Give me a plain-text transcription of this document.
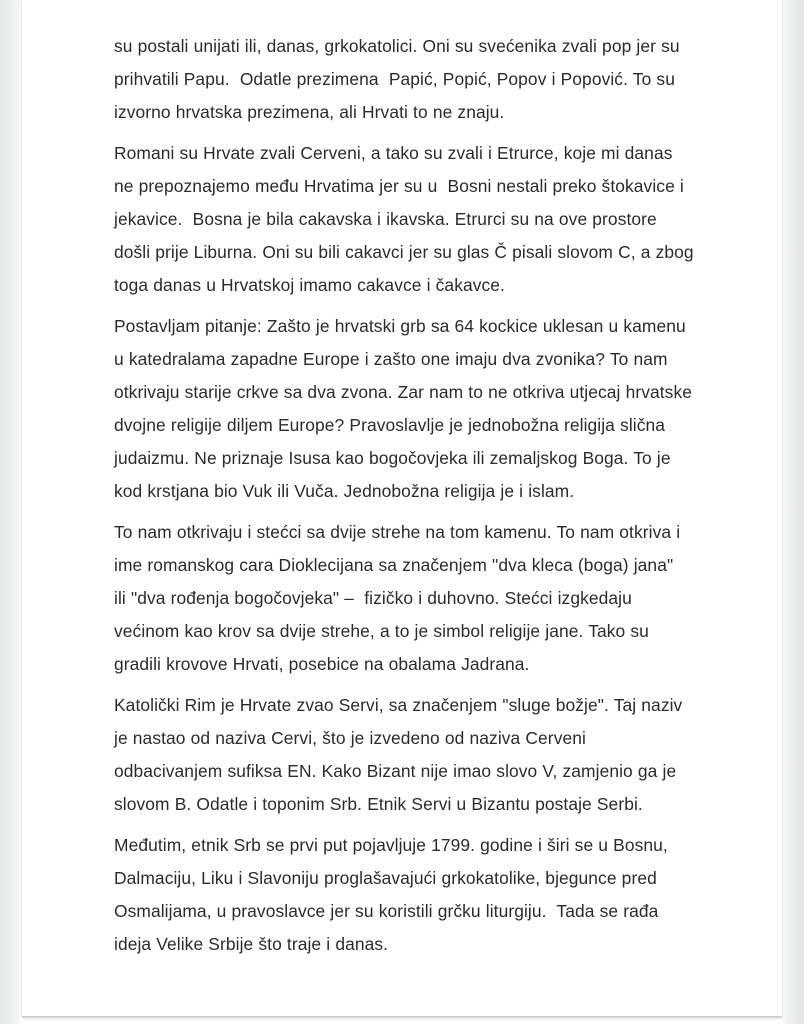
su postali unijati ili, danas, grkokatolici. Oni su svećenika zvali pop jer su prihvatili Papu.  Odatle prezimena  Papić, Popić, Popov i Popović. To su izvorno hrvatska prezimena, ali Hrvati to ne znaju.

Romani su Hrvate zvali Cerveni, a tako su zvali i Etrurce, koje mi danas ne prepoznajemo među Hrvatima jer su u  Bosni nestali preko štokavice i jekavice.  Bosna je bila cakavska i ikavska. Etrurci su na ove prostore došli prije Liburna. Oni su bili cakavci jer su glas Č pisali slovom C, a zbog toga danas u Hrvatskoj imamo cakavce i čakavce.

Postavljam pitanje: Zašto je hrvatski grb sa 64 kockice uklesan u kamenu u katedralama zapadne Europe i zašto one imaju dva zvonika? To nam otkrivaju starije crkve sa dva zvona. Zar nam to ne otkriva utjecaj hrvatske dvojne religije diljem Europe? Pravoslavlje je jednobožna religija slična judaizmu. Ne priznaje Isusa kao bogočovjeka ili zemaljskog Boga. To je kod krstjana bio Vuk ili Vuča. Jednobožna religija je i islam.

To nam otkrivaju i stećci sa dvije strehe na tom kamenu. To nam otkriva i ime romanskog cara Dioklecijana sa značenjem "dva kleca (boga) jana"  ili "dva rođenja bogočovjeka" –  fizičko i duhovno. Stećci izgkedaju većinom kao krov sa dvije strehe, a to je simbol religije jane. Tako su gradili krovove Hrvati, posebice na obalama Jadrana.

Katolički Rim je Hrvate zvao Servi, sa značenjem "sluge božje". Taj naziv je nastao od naziva Cervi, što je izvedeno od naziva Cerveni odbacivanjem sufiksa EN. Kako Bizant nije imao slovo V, zamjenio ga je slovom B. Odatle i toponim Srb. Etnik Servi u Bizantu postaje Serbi.

Međutim, etnik Srb se prvi put pojavljuje 1799. godine i širi se u Bosnu, Dalmaciju, Liku i Slavoniju proglašavajući grkokatolike, bjegunce pred Osmalijama, u pravoslavce jer su koristili grčku liturgiju.  Tada se rađa ideja Velike Srbije što traje i danas.
